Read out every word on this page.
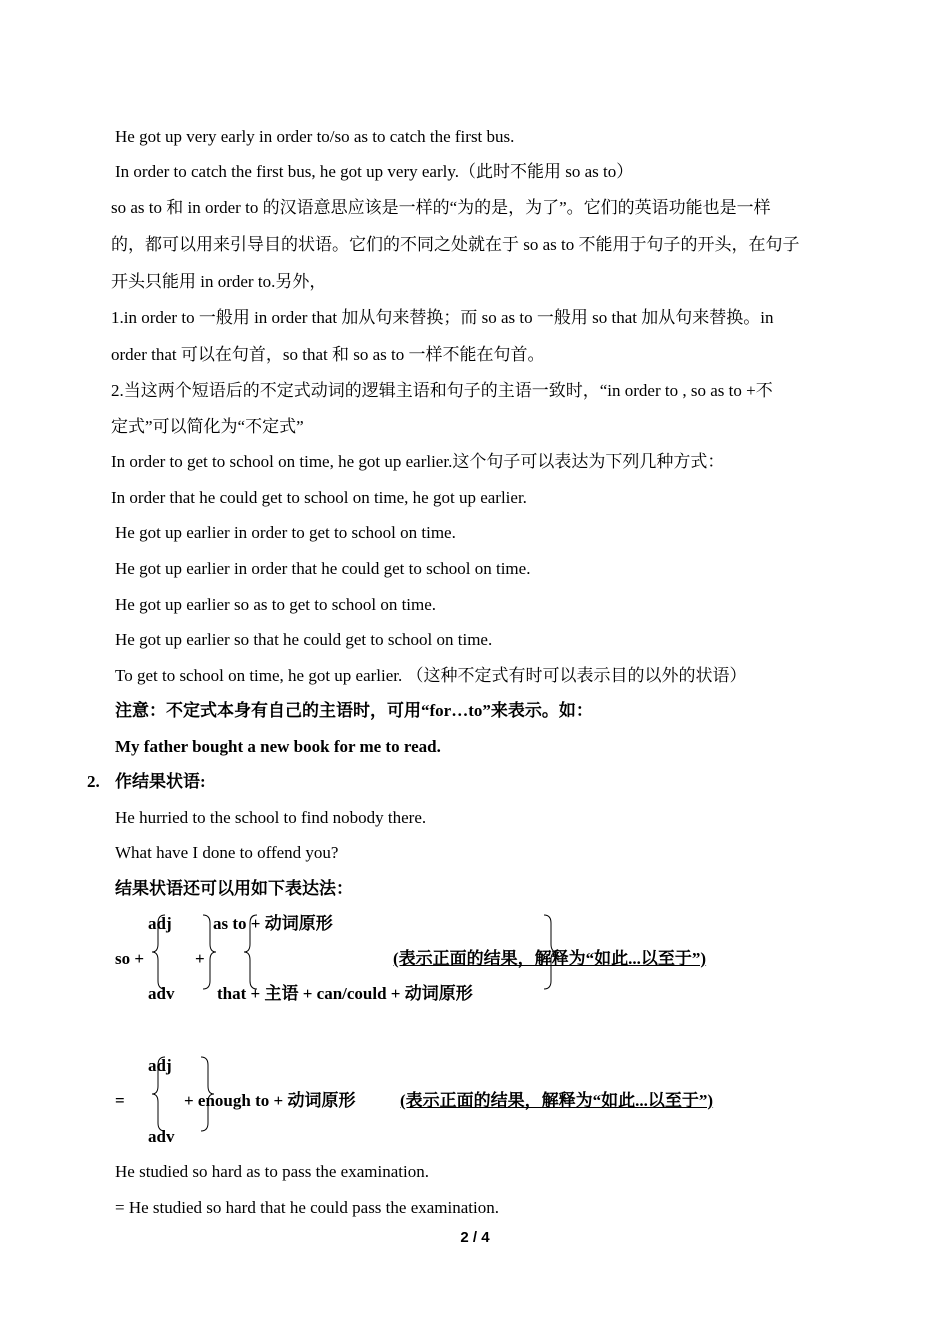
He got up very early in order to/so as to catch the first bus.
In order to catch the first bus, he got up very early.（此时不能用 so as to）
so as to 和 in order to 的汉语意思应该是一样的“为的是，为了”。它们的英语功能也是一样
的，都可以用来引导目的状语。它们的不同之处就在于 so as to 不能用于句子的开头，在句子
开头只能用 in order to.另外，
1.in order to 一般用 in order that 加从句来替换；而 so as to 一般用 so that 加从句来替换。in
order that 可以在句首，so that 和 so as to 一样不能在句首。
2.当这两个短语后的不定式动词的逻辑主语和句子的主语一致时，“in order to , so as to +不
定式”可以简化为“不定式”
In order to get to school on time, he got up earlier.这个句子可以表达为下列几种方式：
In order that he could get to school on time, he got up earlier.
He got up earlier in order to get to school on time.
He got up earlier in order that he could get to school on time.
He got up earlier so as to get to school on time.
He got up earlier so that he could get to school on time.
To get to school on time, he got up earlier. （这种不定式有时可以表示目的以外的状语）
注意：不定式本身有自己的主语时，可用“for…to”来表示。如：
My father bought a new book for me to read.
2. 作结果状语:
He hurried to the school to find nobody there.
What have I done to offend you?
结果状语还可以用如下表达法：
adj as to + 动词原形
so +	+	(表示正面的结果，解释为“如此...以至于”)
adv	that + 主语 + can/could + 动词原形
adj
=	+ enough to + 动词原形	(表示正面的结果，解释为“如此...以至于”)
adv
He studied so hard as to pass the examination.
= He studied so hard that he could pass the examination.
2 / 4
